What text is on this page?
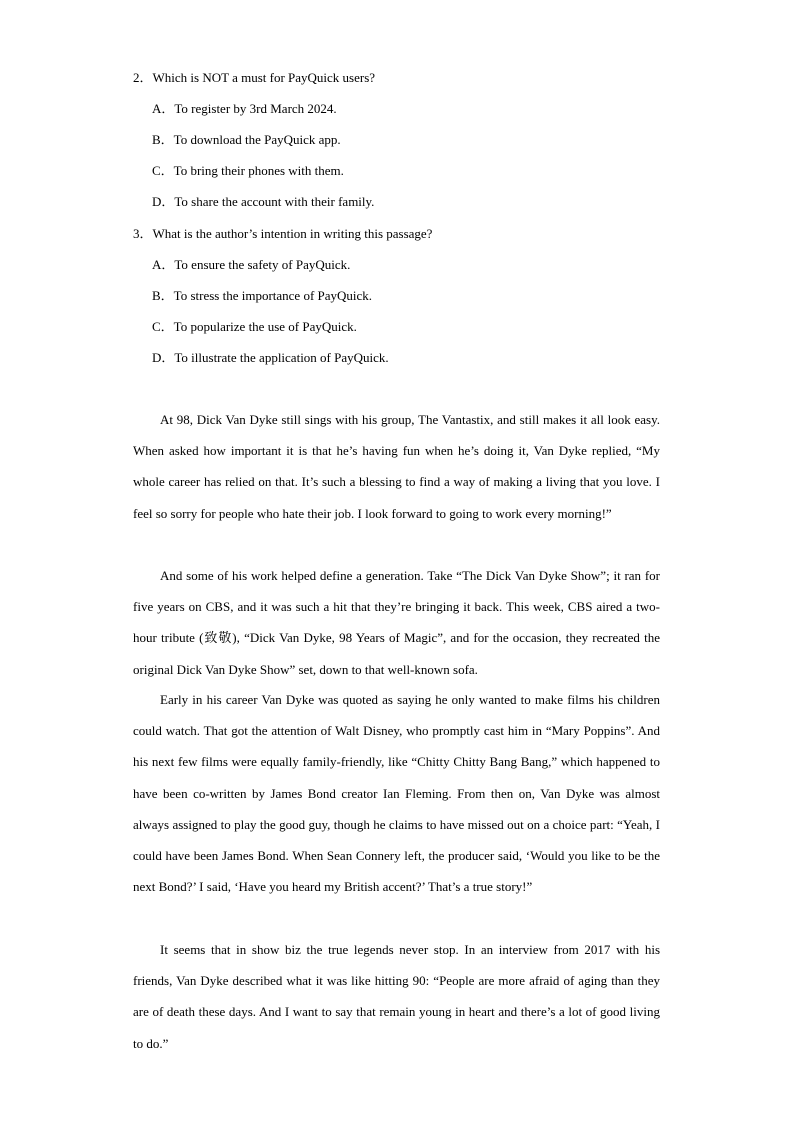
2．Which is NOT a must for PayQuick users?
A．To register by 3rd March 2024.
B．To download the PayQuick app.
C．To bring their phones with them.
D．To share the account with their family.
3．What is the author’s intention in writing this passage?
A．To ensure the safety of PayQuick.
B．To stress the importance of PayQuick.
C．To popularize the use of PayQuick.
D．To illustrate the application of PayQuick.

At 98, Dick Van Dyke still sings with his group, The Vantastix, and still makes it all look easy. When asked how important it is that he’s having fun when he’s doing it, Van Dyke replied, “My whole career has relied on that. It’s such a blessing to find a way of making a living that you love. I feel so sorry for people who hate their job. I look forward to going to work every morning!”

And some of his work helped define a generation. Take “The Dick Van Dyke Show”; it ran for five years on CBS, and it was such a hit that they’re bringing it back. This week, CBS aired a two-hour tribute (致敬), “Dick Van Dyke, 98 Years of Magic”, and for the occasion, they recreated the original Dick Van Dyke Show” set, down to that well-known sofa.

Early in his career Van Dyke was quoted as saying he only wanted to make films his children could watch. That got the attention of Walt Disney, who promptly cast him in “Mary Poppins”. And his next few films were equally family-friendly, like “Chitty Chitty Bang Bang,” which happened to have been co-written by James Bond creator Ian Fleming. From then on, Van Dyke was almost always assigned to play the good guy, though he claims to have missed out on a choice part: “Yeah, I could have been James Bond. When Sean Connery left, the producer said, ‘Would you like to be the next Bond?’ I said, ‘Have you heard my British accent?’ That’s a true story!”

It seems that in show biz the true legends never stop. In an interview from 2017 with his friends, Van Dyke described what it was like hitting 90: “People are more afraid of aging than they are of death these days. And I want to say that remain young in heart and there’s a lot of good living to do.”
